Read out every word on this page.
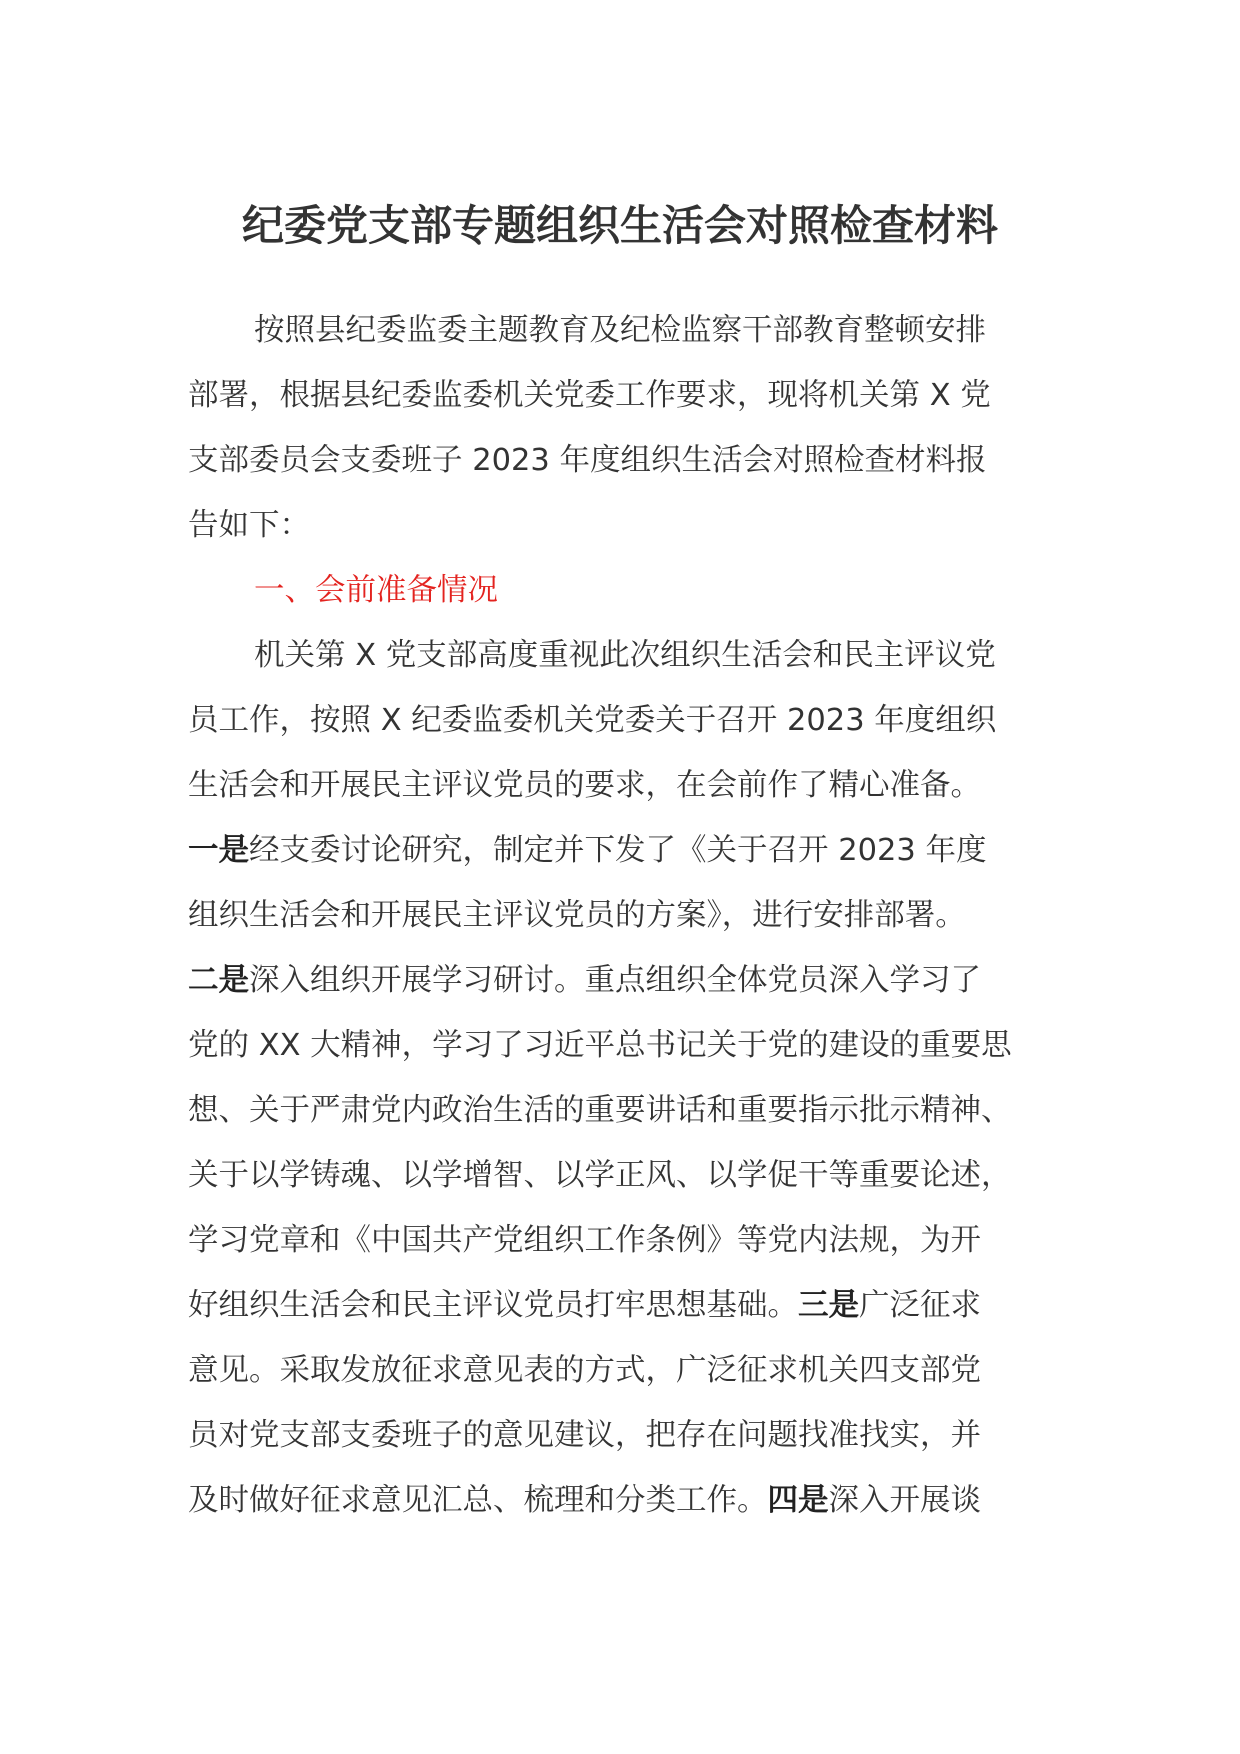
纪委党支部专题组织生活会对照检查材料
按照县纪委监委主题教育及纪检监察干部教育整顿安排
部署，根据县纪委监委机关党委工作要求，现将机关第 X 党
支部委员会支委班子 2023 年度组织生活会对照检查材料报
告如下：
一、会前准备情况
机关第 X 党支部高度重视此次组织生活会和民主评议党
员工作，按照 X 纪委监委机关党委关于召开 2023 年度组织
生活会和开展民主评议党员的要求，在会前作了精心准备。
一是经支委讨论研究，制定并下发了《关于召开 2023 年度
组织生活会和开展民主评议党员的方案》，进行安排部署。
二是深入组织开展学习研讨。重点组织全体党员深入学习了
党的 XX 大精神，学习了习近平总书记关于党的建设的重要思
想、关于严肃党内政治生活的重要讲话和重要指示批示精神、
关于以学铸魂、以学增智、以学正风、以学促干等重要论述，
学习党章和《中国共产党组织工作条例》等党内法规，为开
好组织生活会和民主评议党员打牢思想基础。三是广泛征求
意见。采取发放征求意见表的方式，广泛征求机关四支部党
员对党支部支委班子的意见建议，把存在问题找准找实，并
及时做好征求意见汇总、梳理和分类工作。四是深入开展谈
